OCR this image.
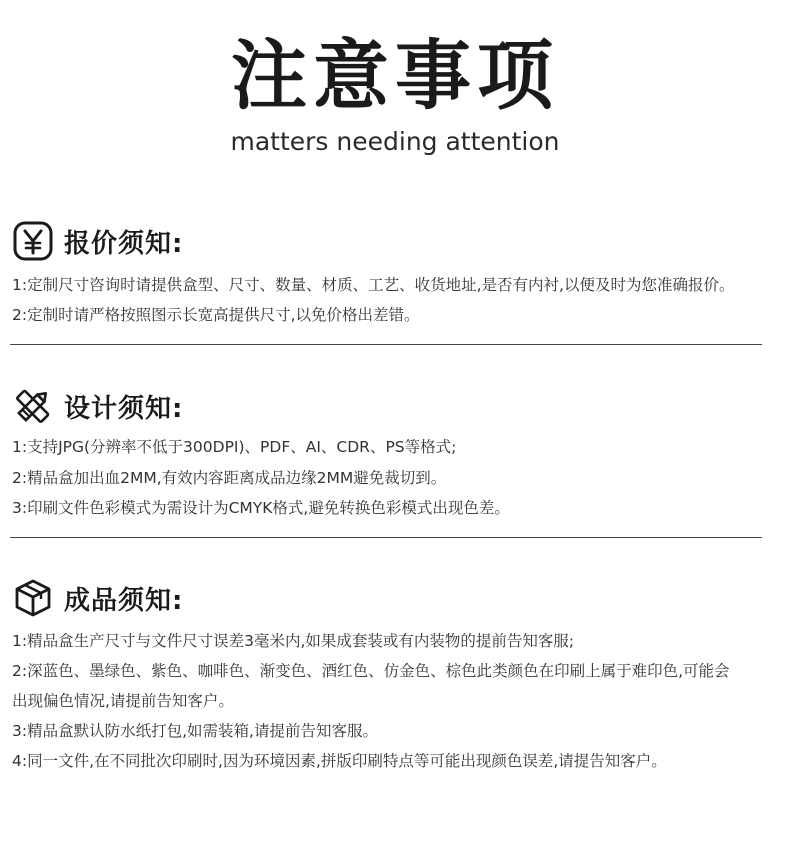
注意事项
matters needing attention
报价须知:
1:定制尺寸咨询时请提供盒型、尺寸、数量、材质、工艺、收货地址,是否有内衬,以便及时为您准确报价。
2:定制时请严格按照图示长宽高提供尺寸,以免价格出差错。
设计须知:
1:支持JPG(分辨率不低于300DPI)、PDF、AI、CDR、PS等格式;
2:精品盒加出血2MM,有效内容距离成品边缘2MM避免裁切到。
3:印刷文件色彩模式为需设计为CMYK格式,避免转换色彩模式出现色差。
成品须知:
1:精品盒生产尺寸与文件尺寸误差3毫米内,如果成套装或有内装物的提前告知客服;
2:深蓝色、墨绿色、紫色、咖啡色、渐变色、酒红色、仿金色、棕色此类颜色在印刷上属于难印色,可能会
出现偏色情况,请提前告知客户。
3:精品盒默认防水纸打包,如需装箱,请提前告知客服。
4:同一文件,在不同批次印刷时,因为环境因素,拼版印刷特点等可能出现颜色误差,请提告知客户。
